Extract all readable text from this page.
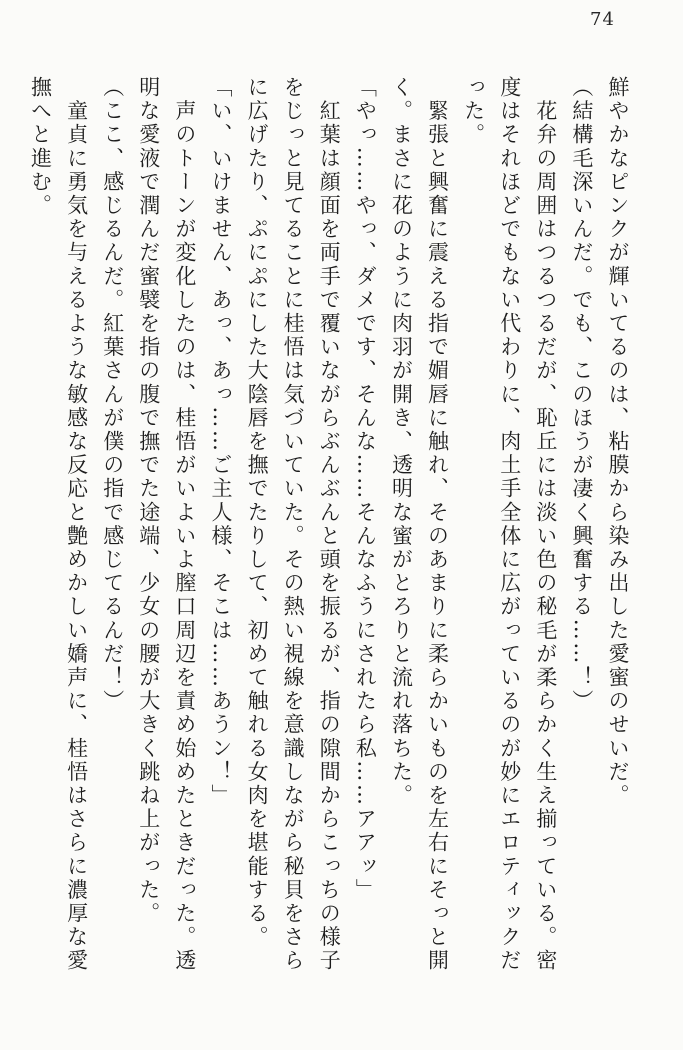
74
鮮やかなピンクが輝いてるのは、粘膜から染み出した愛蜜のせいだ。
（結構毛深いんだ。でも、このほうが凄く興奮する……！）
　花弁の周囲はつるつるだが、恥丘には淡い色の秘毛が柔らかく生え揃っている。密
度はそれほどでもない代わりに、肉土手全体に広がっているのが妙にエロティックだ
った。
　緊張と興奮に震える指で媚唇に触れ、そのあまりに柔らかいものを左右にそっと開
く。まさに花のように肉羽が開き、透明な蜜がとろりと流れ落ちた。
「やっ……やっ、ダメです、そんな……そんなふうにされたら私……アアッ」
　紅葉は顔面を両手で覆いながらぶんぶんと頭を振るが、指の隙間からこっちの様子
をじっと見てることに桂悟は気づいていた。その熱い視線を意識しながら秘貝をさら
に広げたり、ぷにぷにした大陰唇を撫でたりして、初めて触れる女肉を堪能する。
「い、いけません、あっ、あっ……ご主人様、そこは……あうン！」
　声のトーンが変化したのは、桂悟がいよいよ膣口周辺を責め始めたときだった。透
明な愛液で潤んだ蜜襞を指の腹で撫でた途端、少女の腰が大きく跳ね上がった。
（ここ、感じるんだ。紅葉さんが僕の指で感じてるんだ！）
　童貞に勇気を与えるような敏感な反応と艶めかしい嬌声に、桂悟はさらに濃厚な愛
撫へと進む。
